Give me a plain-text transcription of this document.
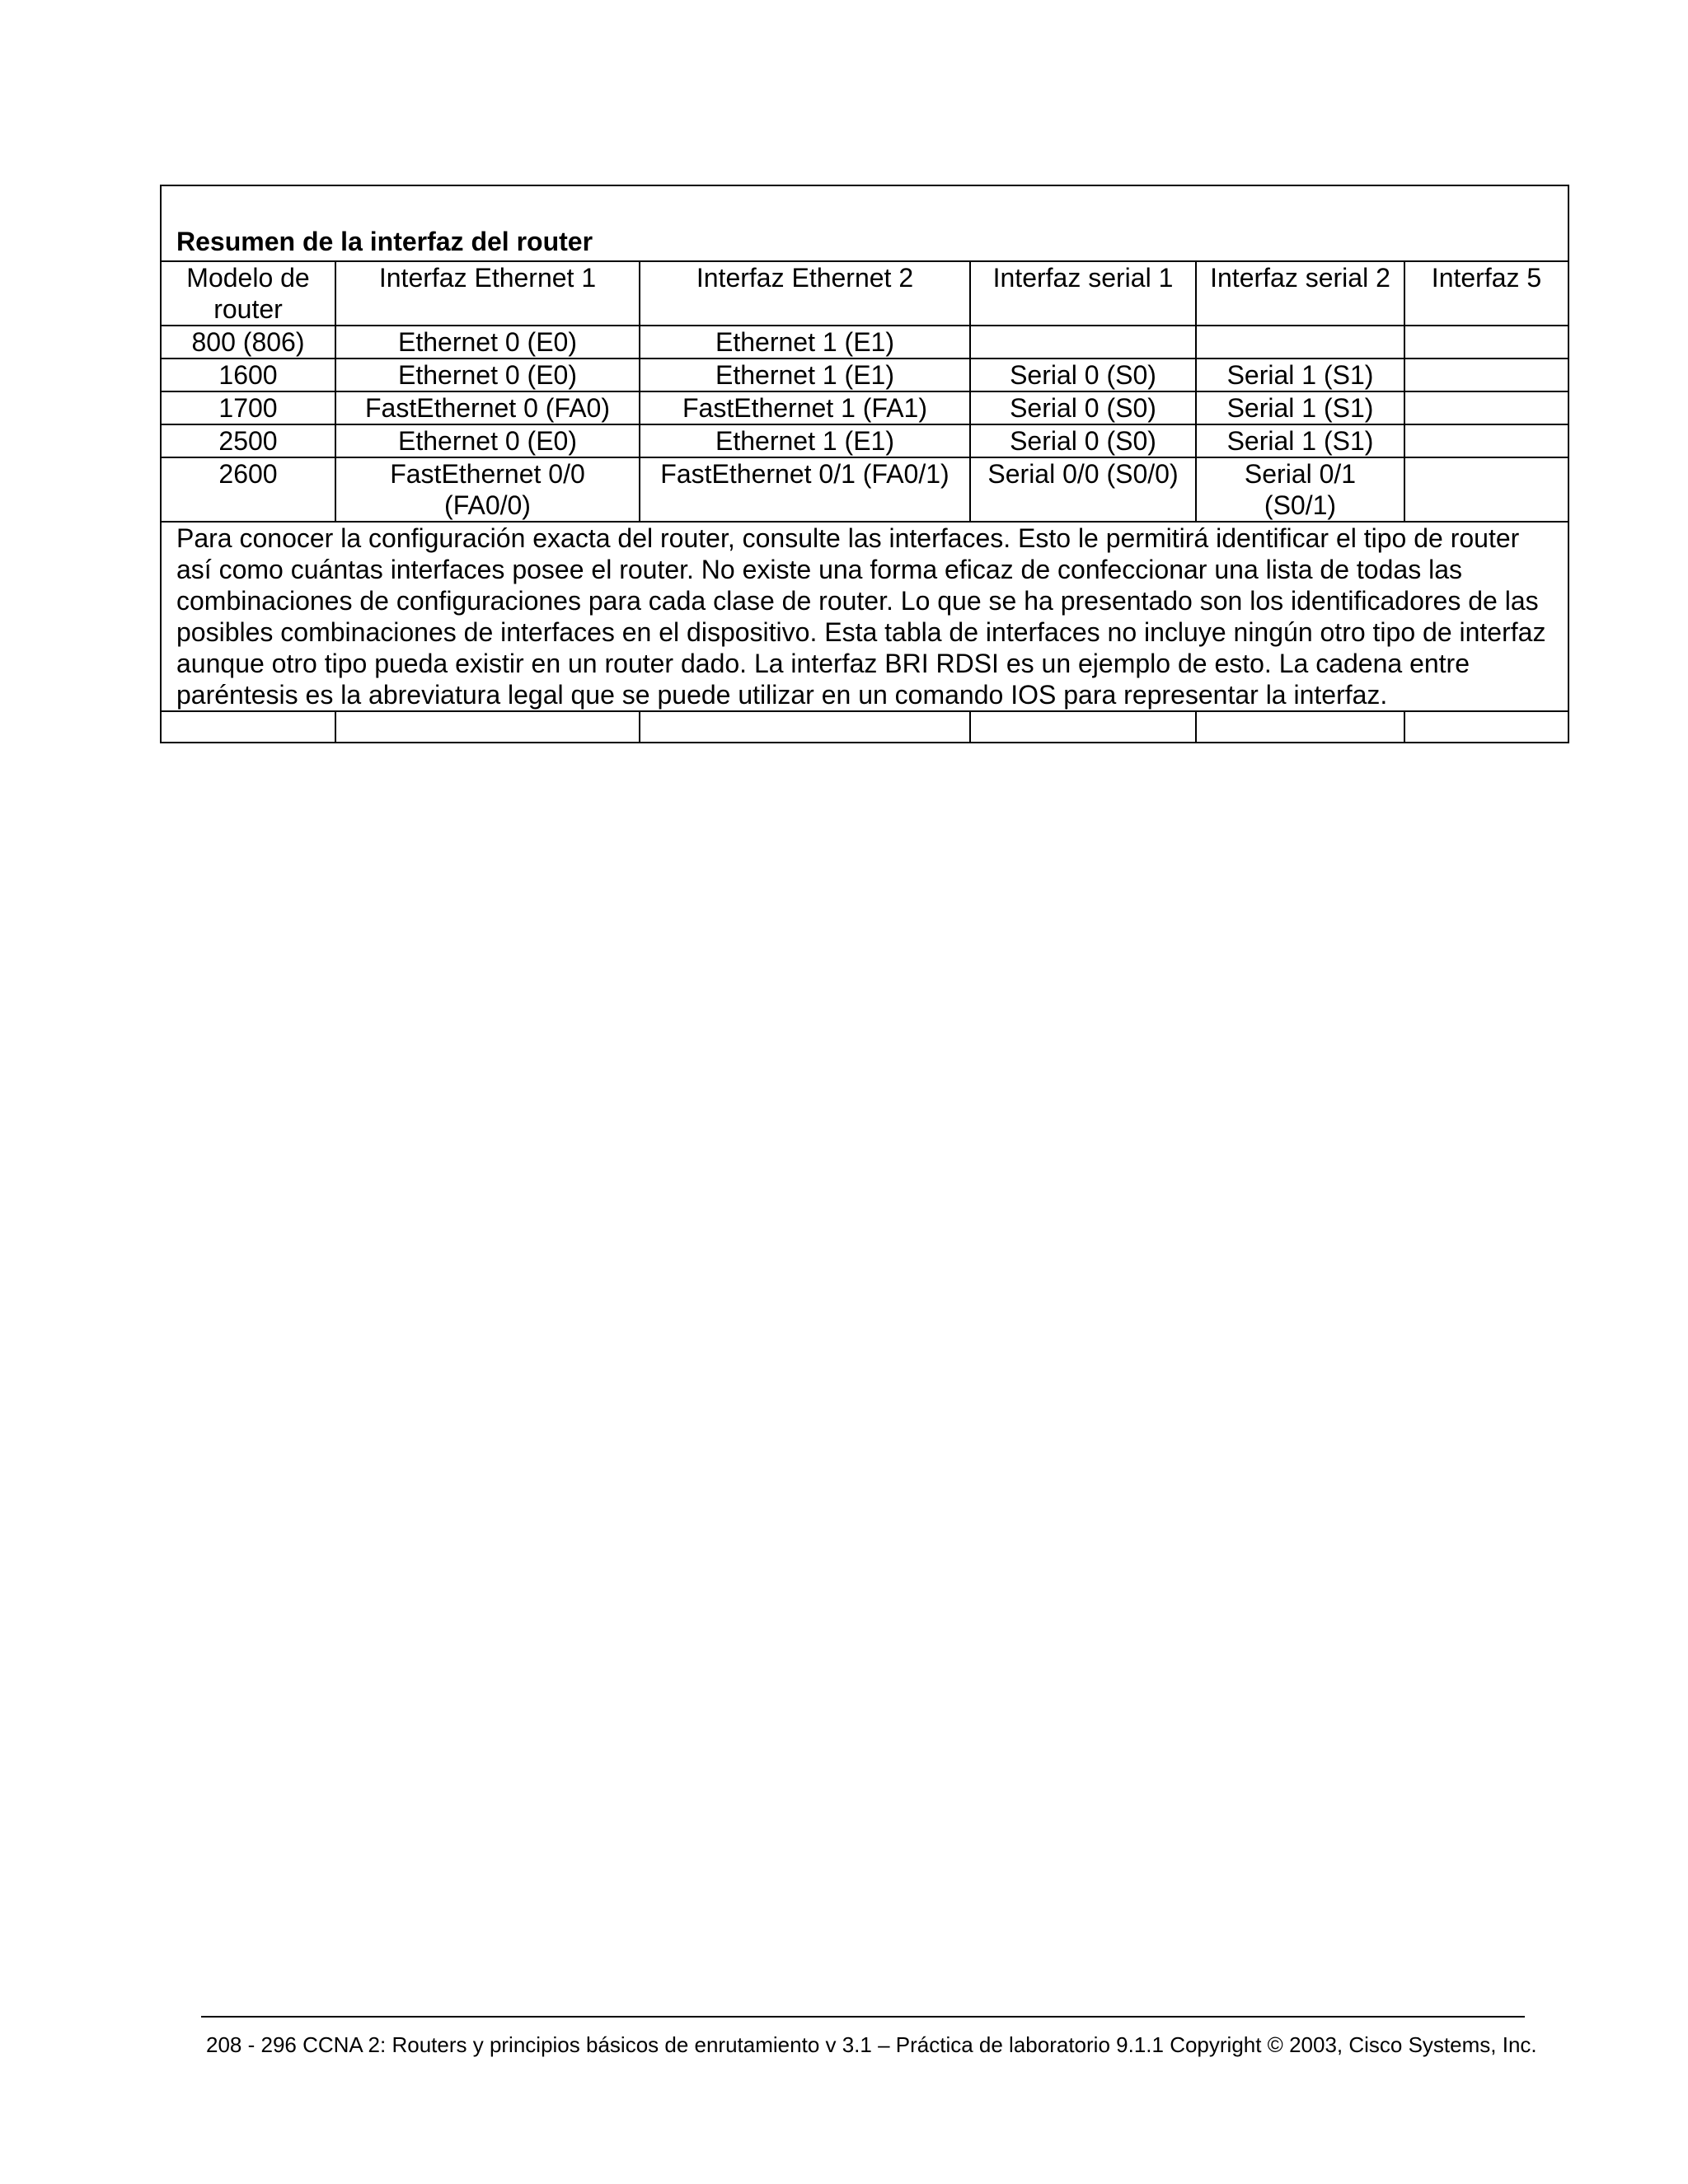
Resumen de la interfaz del router					
Modelo de router	Interfaz Ethernet 1	Interfaz Ethernet 2	Interfaz serial 1	Interfaz serial 2	Interfaz 5
800 (806)	Ethernet 0 (E0)	Ethernet 1 (E1)			
1600	Ethernet 0 (E0)	Ethernet 1 (E1)	Serial 0 (S0)	Serial 1 (S1)	
1700	FastEthernet 0 (FA0)	FastEthernet 1 (FA1)	Serial 0 (S0)	Serial 1 (S1)	
2500	Ethernet 0 (E0)	Ethernet 1 (E1)	Serial 0 (S0)	Serial 1 (S1)	
2600	FastEthernet 0/0 (FA0/0)	FastEthernet 0/1 (FA0/1)	Serial 0/0 (S0/0)	Serial 0/1 (S0/1)	
Para conocer la configuración exacta del router, consulte las interfaces. Esto le permitirá identificar el tipo de router así como cuántas interfaces posee el router. No existe una forma eficaz de confeccionar una lista de todas las combinaciones de configuraciones para cada clase de router. Lo que se ha presentado son los identificadores de las posibles combinaciones de interfaces en el dispositivo. Esta tabla de interfaces no incluye ningún otro tipo de interfaz aunque otro tipo pueda existir en un router dado. La interfaz BRI RDSI es un ejemplo de esto. La cadena entre paréntesis es la abreviatura legal que se puede utilizar en un comando IOS para representar la interfaz.					

208 - 296 CCNA 2: Routers y principios básicos de enrutamiento v 3.1 – Práctica de laboratorio 9.1.1 Copyright © 2003, Cisco Systems, Inc.
